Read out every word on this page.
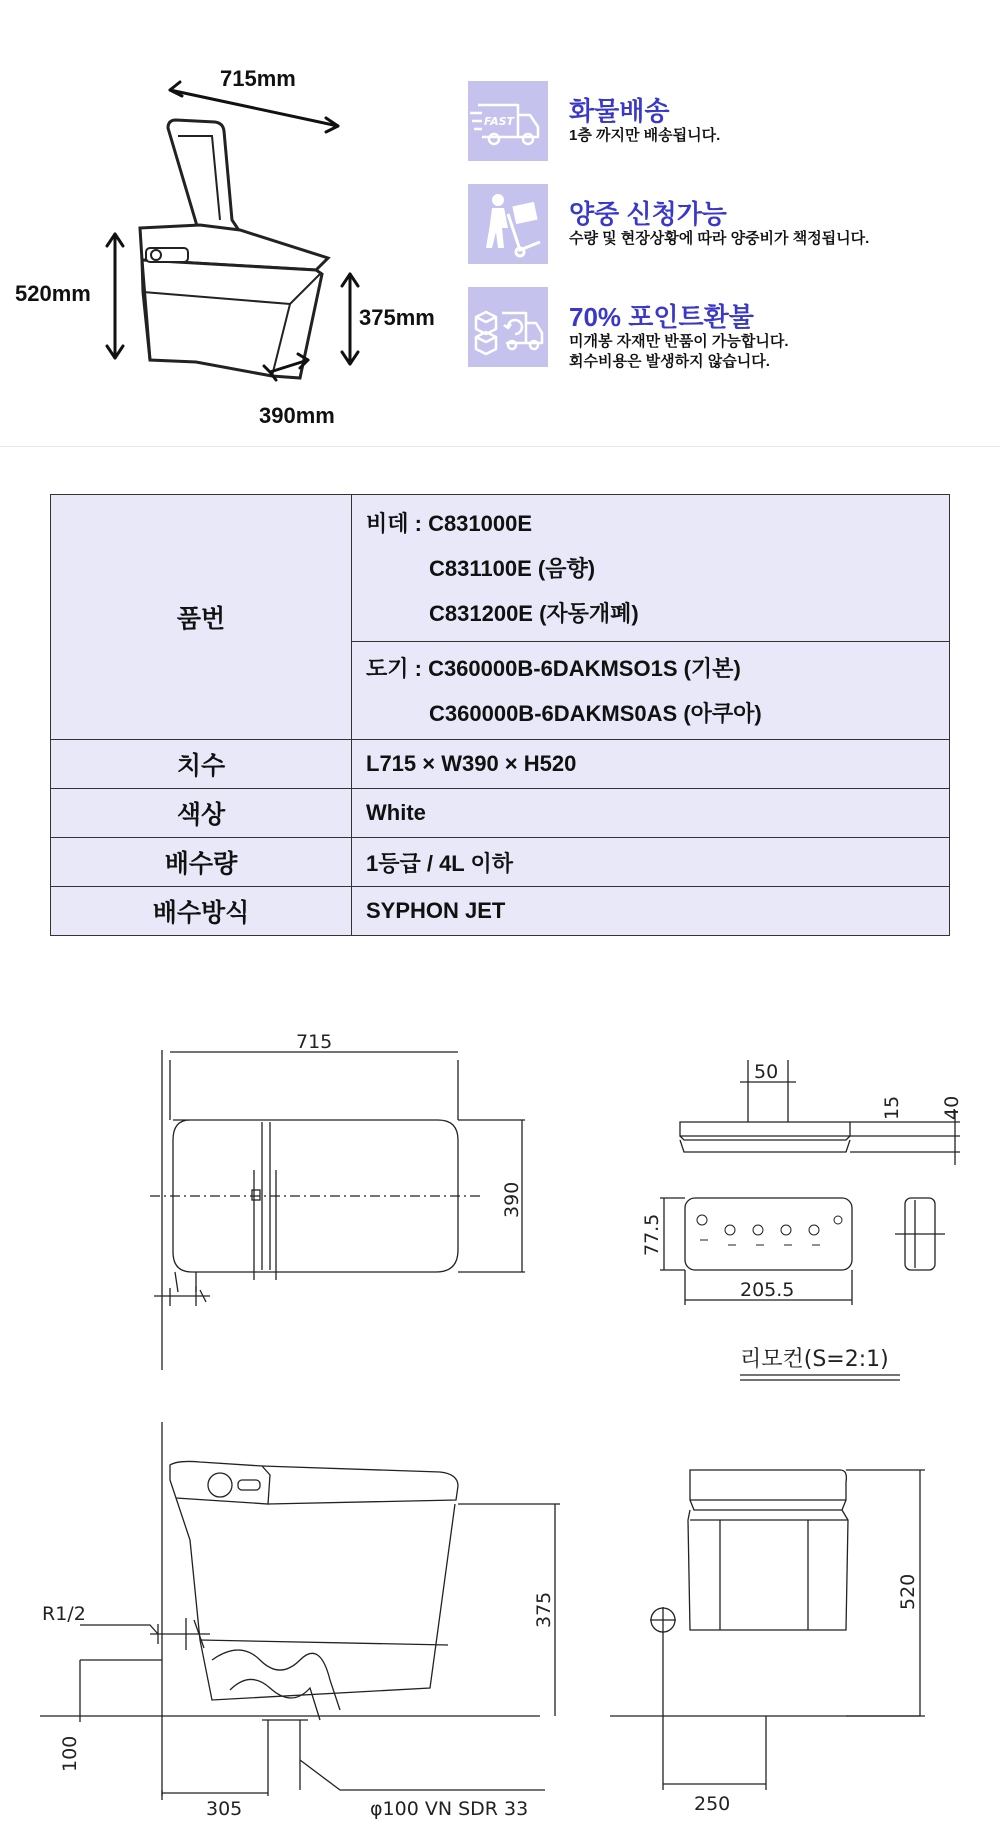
715mm
520mm
375mm
390mm
FAST 화물배송
1층 까지만 배송됩니다.
양중 신청가능
수량 및 현장상황에 따라 양중비가 책정됩니다.
70% 포인트환불
미개봉 자재만 반품이 가능합니다.
회수비용은 발생하지 않습니다.
품번	비데 : C831000E
C831100E (음향)
C831200E (자동개폐)

	도기 : C360000B-6DAKMSO1S (기본)
C360000B-6DAKMS0AS (아쿠아)

치수	L715 × W390 × H520
색상	White
배수량	1등급 / 4L 이하
배수방식	SYPHON JET
715
390
50
15 40
77.5
205.5
리모컨(S=2:1)
R1/2	375
100
305	φ100 VN SDR 33
520
250
